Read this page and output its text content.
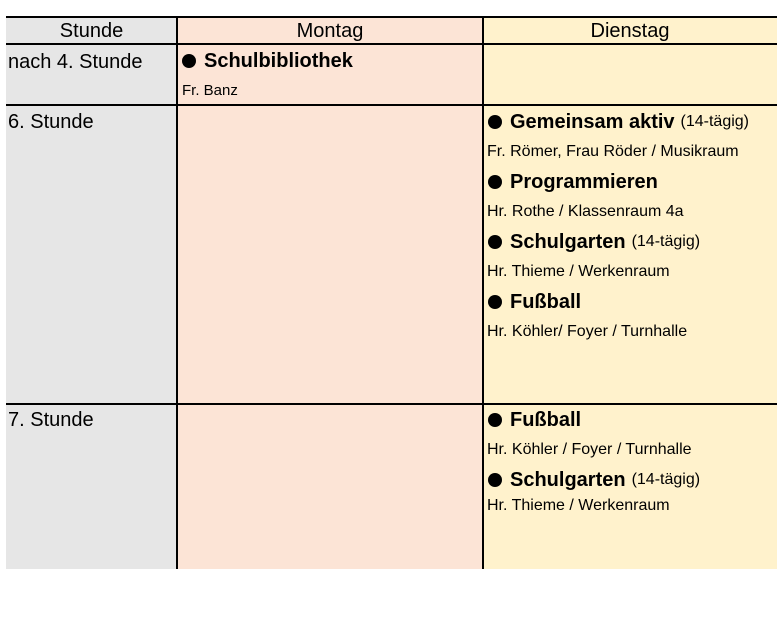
Stunde	Montag	Dienstag
nach 4. Stunde
6. Stunde
7. Stunde
Schulbibliothek
Fr. Banz
Gemeinsam aktiv (14-tägig)
Fr. Römer, Frau Röder / Musikraum
Programmieren
Hr. Rothe / Klassenraum 4a
Schulgarten (14-tägig)
Hr. Thieme / Werkenraum
Fußball
Hr. Köhler/ Foyer / Turnhalle
Fußball
Hr. Köhler / Foyer / Turnhalle
Schulgarten (14-tägig)
Hr. Thieme / Werkenraum
